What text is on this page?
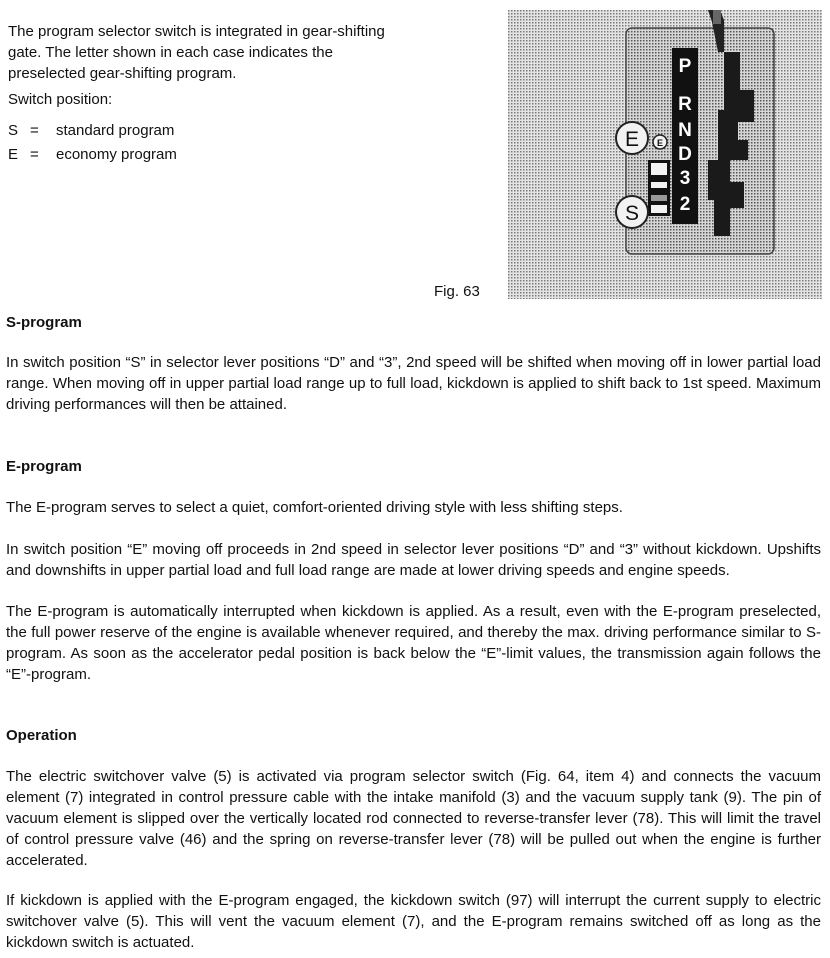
The program selector switch is integrated in gear-shifting gate. The letter shown in each case indicates the preselected gear-shifting program.

Switch position:
S = standard program
E = economy program
P
R
N
D
3
2
E
E
S
Fig. 63
S-program

In switch position “S” in selector lever positions “D” and “3”, 2nd speed will be shifted when moving off in lower partial load range. When moving off in upper partial load range up to full load, kickdown is applied to shift back to 1st speed. Maximum driving performances will then be attained.

E-program

The E-program serves to select a quiet, comfort-oriented driving style with less shifting steps.

In switch position “E” moving off proceeds in 2nd speed in selector lever positions “D” and “3” without kickdown. Upshifts and downshifts in upper partial load and full load range are made at lower driving speeds and engine speeds.

The E-program is automatically interrupted when kickdown is applied. As a result, even with the E-program preselected, the full power reserve of the engine is available whenever required, and thereby the max. driving performance similar to S-program. As soon as the accelerator pedal position is back below the “E”-limit values, the transmission again follows the “E”-program.

Operation

The electric switchover valve (5) is activated via program selector switch (Fig. 64, item 4) and connects the vacuum element (7) integrated in control pressure cable with the intake manifold (3) and the vacuum supply tank (9). The pin of vacuum element is slipped over the vertically located rod connected to reverse-transfer lever (78). This will limit the travel of control pressure valve (46) and the spring on reverse-transfer lever (78) will be pulled out when the engine is further accelerated.

If kickdown is applied with the E-program engaged, the kickdown switch (97) will interrupt the current supply to electric switchover valve (5). This will vent the vacuum element (7), and the E-program remains switched off as long as the kickdown switch is actuated.
